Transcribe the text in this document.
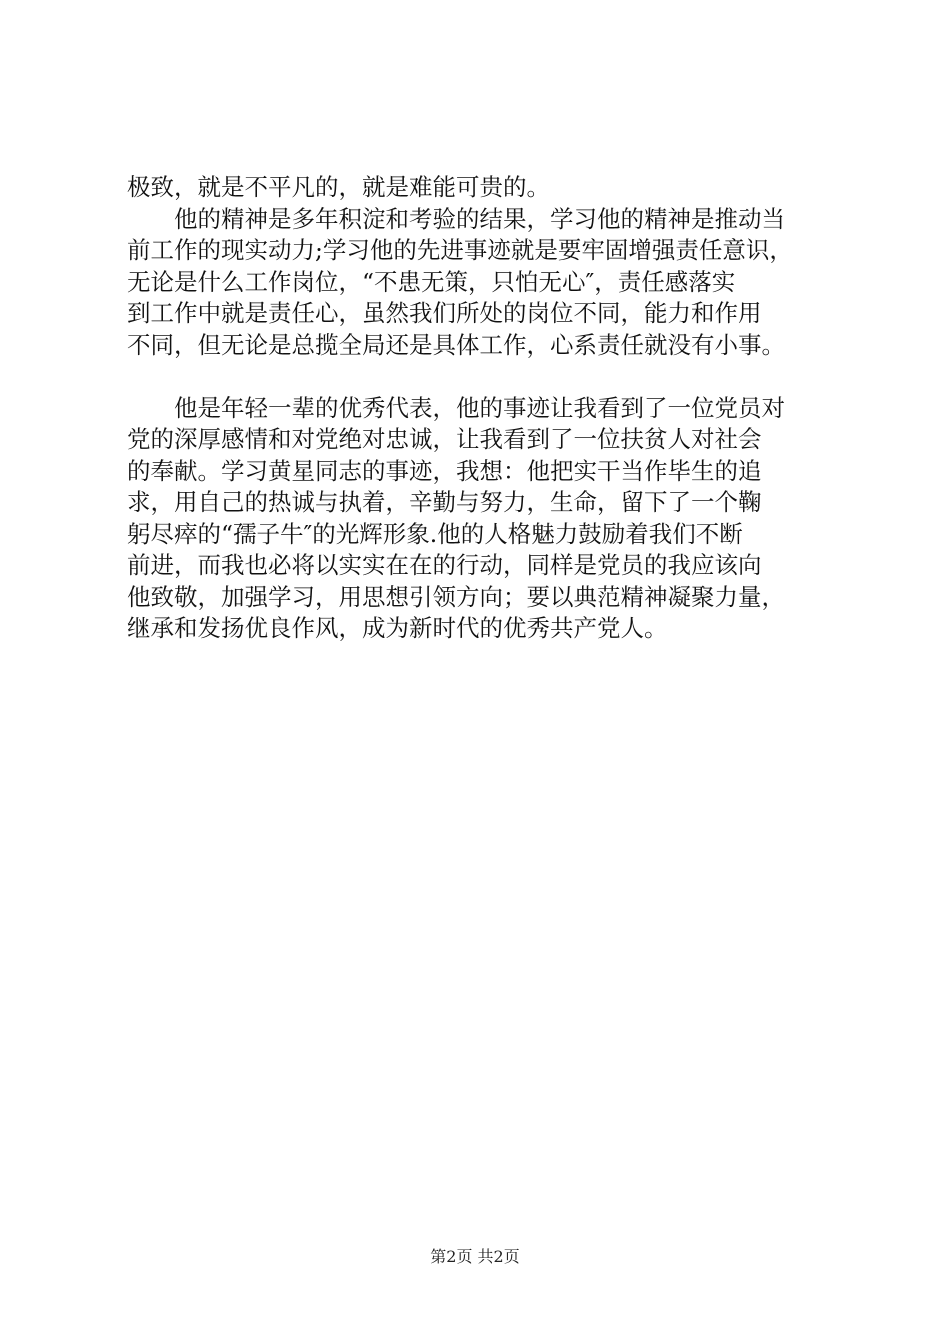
极致，就是不平凡的，就是难能可贵的。
　　他的精神是多年积淀和考验的结果，学习他的精神是推动当
前工作的现实动力;学习他的先进事迹就是要牢固增强责任意识，
无论是什么工作岗位，“不患无策，只怕无心″，责任感落实
到工作中就是责任心，虽然我们所处的岗位不同，能力和作用
不同，但无论是总揽全局还是具体工作，心系责任就没有小事。
　　他是年轻一辈的优秀代表，他的事迹让我看到了一位党员对
党的深厚感情和对党绝对忠诚，让我看到了一位扶贫人对社会
的奉献。学习黄星同志的事迹，我想：他把实干当作毕生的追
求，用自己的热诚与执着，辛勤与努力，生命，留下了一个鞠
躬尽瘁的“孺子牛″的光辉形象.他的人格魅力鼓励着我们不断
前进，而我也必将以实实在在的行动，同样是党员的我应该向
他致敬，加强学习，用思想引领方向；要以典范精神凝聚力量，
继承和发扬优良作风，成为新时代的优秀共产党人。
第2页 共2页
